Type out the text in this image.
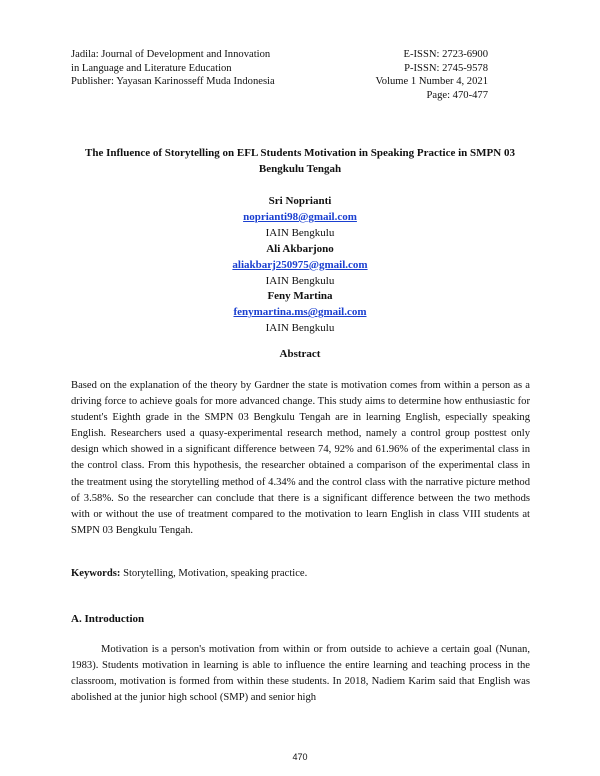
Jadila: Journal of Development and Innovation
in Language and Literature Education
Publisher: Yayasan Karinosseff Muda Indonesia
E-ISSN: 2723-6900
P-ISSN: 2745-9578
Volume 1 Number 4, 2021
Page: 470-477
The Influence of Storytelling on EFL Students Motivation in Speaking Practice in SMPN 03 Bengkulu Tengah
Sri Noprianti
noprianti98@gmail.com
IAIN Bengkulu
Ali Akbarjono
aliakbarj250975@gmail.com
IAIN Bengkulu
Feny Martina
fenymartina.ms@gmail.com
IAIN Bengkulu
Abstract
Based on the explanation of the theory by Gardner the state is motivation comes from within a person as a driving force to achieve goals for more advanced change. This study aims to determine how enthusiastic for student's Eighth grade in the SMPN 03 Bengkulu Tengah are in learning English, especially speaking English. Researchers used a quasy-experimental research method, namely a control group posttest only design which showed in a significant difference between 74, 92% and 61.96% of the experimental class in the control class. From this hypothesis, the researcher obtained a comparison of the experimental class in the treatment using the storytelling method of 4.34% and the control class with the narrative picture method of 3.58%. So the researcher can conclude that there is a significant difference between the two methods with or without the use of treatment compared to the motivation to learn English in class VIII students at SMPN 03 Bengkulu Tengah.
Keywords: Storytelling, Motivation, speaking practice.
A. Introduction
Motivation is a person's motivation from within or from outside to achieve a certain goal (Nunan, 1983). Students motivation in learning is able to influence the entire learning and teaching process in the classroom, motivation is formed from within these students. In 2018, Nadiem Karim said that English was abolished at the junior high school (SMP) and senior high
470
